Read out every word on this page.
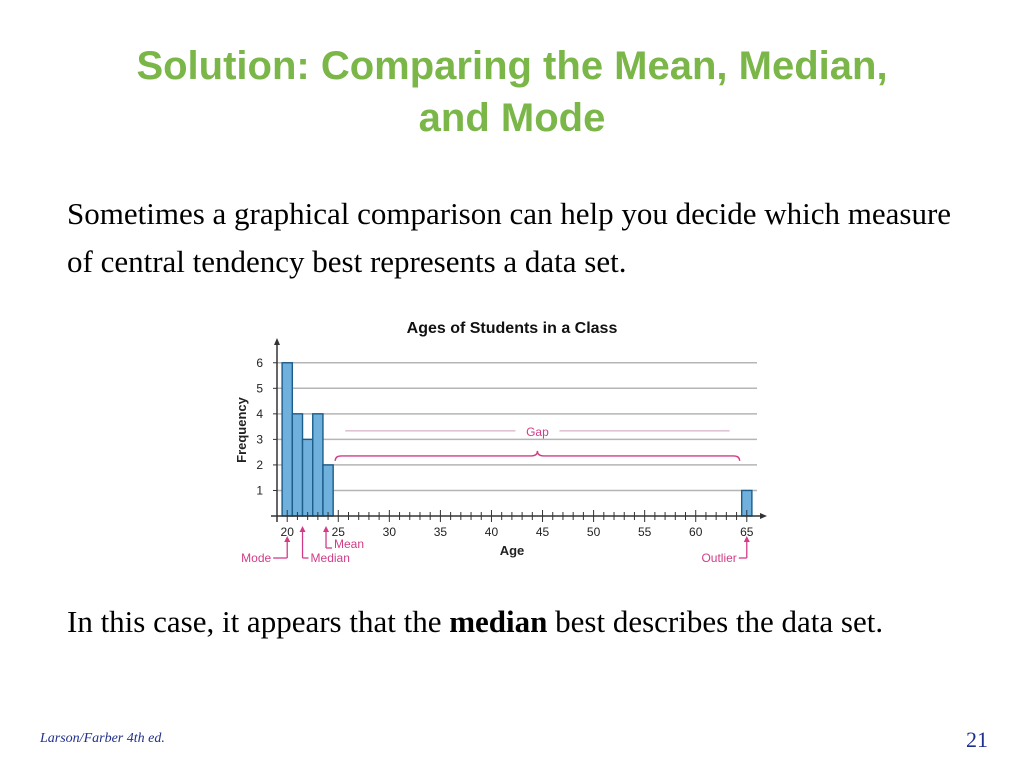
Solution: Comparing the Mean, Median,
and Mode

Sometimes a graphical comparison can help you decide which measure of central tendency best represents a data set.

Ages of Students in a Class
Frequency
Age
1
2
3
4
5
6
20	25	30	35	40	45	50	55	60	65
Gap
Mode	Median
Mean
Outlier

In this case, it appears that the median best describes the data set.

Larson/Farber 4th ed.	21
